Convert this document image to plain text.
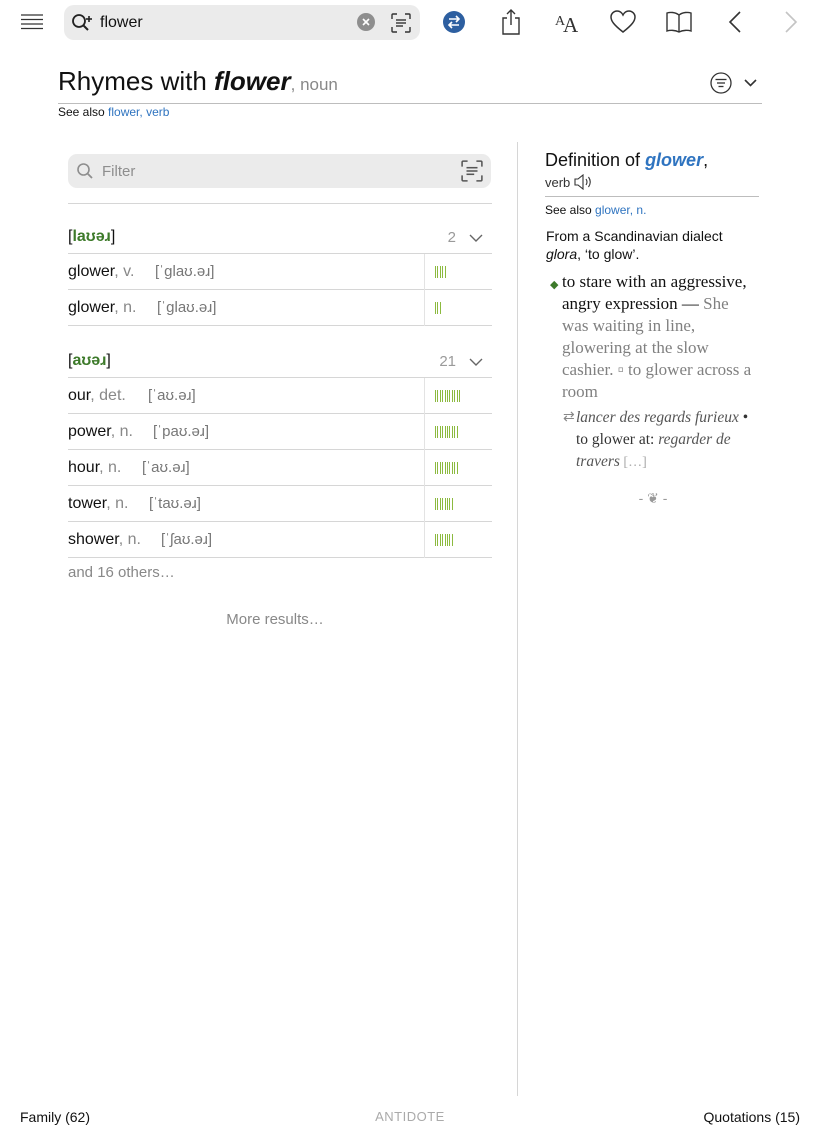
flower
A
A
Rhymes with flower, noun
See also flower, verb
Filter
[laʊəɹ]	2
glower, v. [ˈglaʊ.əɹ]
glower, n. [ˈglaʊ.əɹ]
[aʊəɹ]	21
our, det. [ˈaʊ.əɹ]
power, n. [ˈpaʊ.əɹ]
hour, n. [ˈaʊ.əɹ]
tower, n. [ˈtaʊ.əɹ]
shower, n. [ˈʃaʊ.əɹ]
and 16 others…
More results…
Definition of glower,
verb
See also glower, n.
From a Scandinavian dialect glora, ‘to glow’.
◆ to stare with an aggressive, angry expression — She was waiting in line, glowering at the slow cashier. ▫ to glower across a room
⇄ lancer des regards furieux • to glower at: regarder de travers […]
- ❦ -
Family (62)	ANTIDOTE	Quotations (15)
